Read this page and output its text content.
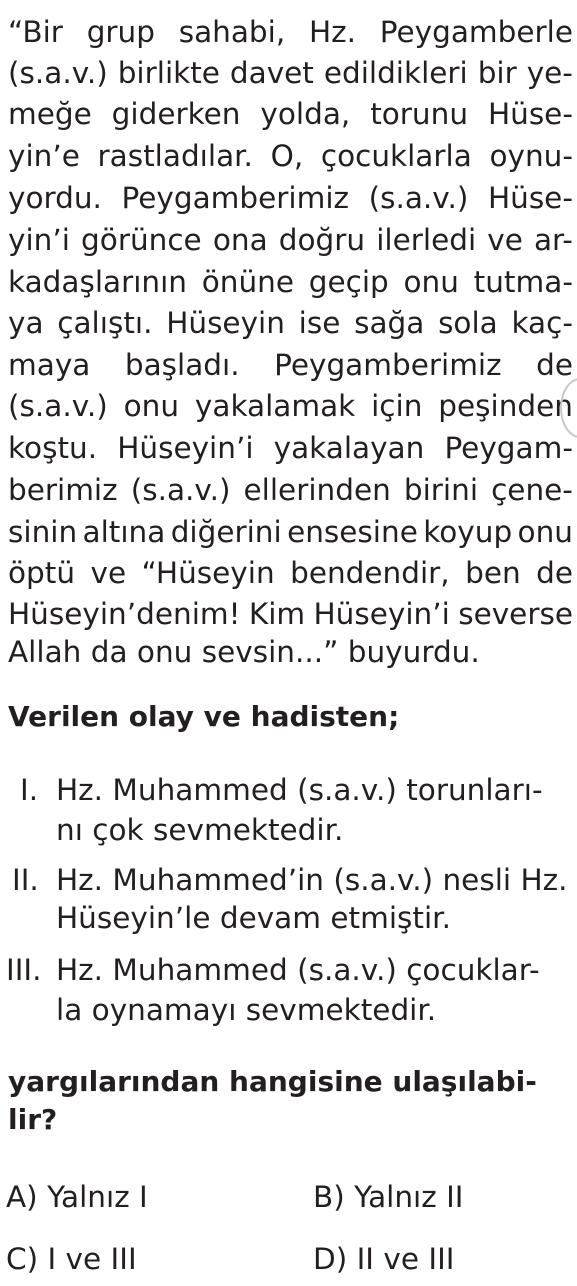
“Bir grup sahabi, Hz. Peygamberle
(s.a.v.) birlikte davet edildikleri bir ye-
meğe giderken yolda, torunu Hüse-
yin’e rastladılar. O, çocuklarla oynu-
yordu. Peygamberimiz (s.a.v.) Hüse-
yin’i görünce ona doğru ilerledi ve ar-
kadaşlarının önüne geçip onu tutma-
ya çalıştı. Hüseyin ise sağa sola kaç-
maya başladı. Peygamberimiz de
(s.a.v.) onu yakalamak için peşinden
koştu. Hüseyin’i yakalayan Peygam-
berimiz (s.a.v.) ellerinden birini çene-
sinin altına diğerini ensesine koyup onu
öptü ve “Hüseyin bendendir, ben de
Hüseyin’denim! Kim Hüseyin’i severse
Allah da onu sevsin...” buyurdu.
Verilen olay ve hadisten;
I. Hz. Muhammed (s.a.v.) torunları-
nı çok sevmektedir.
II. Hz. Muhammed’in (s.a.v.) nesli Hz.
Hüseyin’le devam etmiştir.
III. Hz. Muhammed (s.a.v.) çocuklar-
la oynamayı sevmektedir.
yargılarından hangisine ulaşılabi-
lir?
A) Yalnız I	B) Yalnız II
C) I ve III	D) II ve III
